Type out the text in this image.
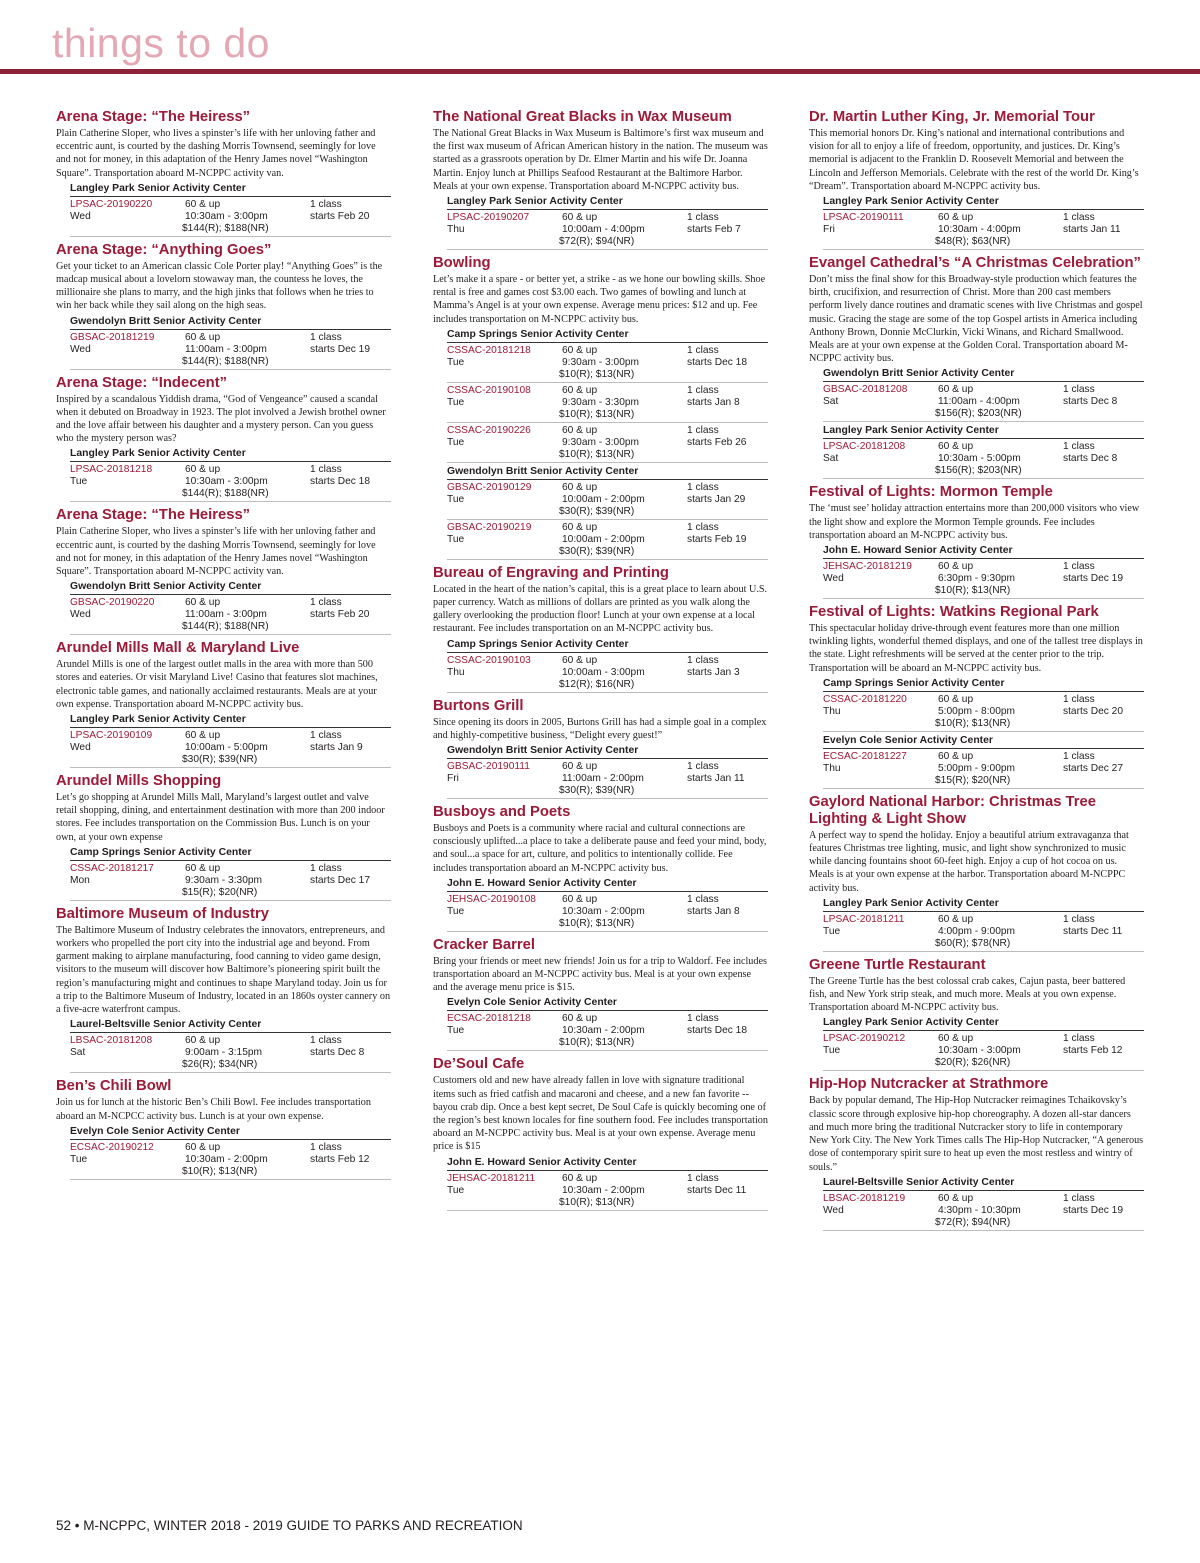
things to do
Arena Stage: “The Heiress”

Plain Catherine Sloper, who lives a spinster’s life with her unloving father and eccentric aunt, is courted by the dashing Morris Townsend, seemingly for love and not for money, in this adaptation of the Henry James novel “Washington Square”. Transportation aboard M-NCPPC activity van.

Langley Park Senior Activity Center
LPSAC-20190220
Wed
60 & up
10:30am - 3:00pm
$144(R); $188(NR)
1 class
starts Feb 20
Arena Stage: “Anything Goes”

Get your ticket to an American classic Cole Porter play! “Anything Goes” is the madcap musical about a lovelorn stowaway man, the countess he loves, the millionaire she plans to marry, and the high jinks that follows when he tries to win her back while they sail along on the high seas.

Gwendolyn Britt Senior Activity Center
GBSAC-20181219
Wed
60 & up
11:00am - 3:00pm
$144(R); $188(NR)
1 class
starts Dec 19
Arena Stage: “Indecent”

Inspired by a scandalous Yiddish drama, “God of Vengeance” caused a scandal when it debuted on Broadway in 1923. The plot involved a Jewish brothel owner and the love affair between his daughter and a mystery person. Can you guess who the mystery person was?

Langley Park Senior Activity Center
LPSAC-20181218
Tue
60 & up
10:30am - 3:00pm
$144(R); $188(NR)
1 class
starts Dec 18
Arena Stage: “The Heiress”

Plain Catherine Sloper, who lives a spinster’s life with her unloving father and eccentric aunt, is courted by the dashing Morris Townsend, seemingly for love and not for money, in this adaptation of the Henry James novel “Washington Square”. Transportation aboard M-NCPPC activity van.

Gwendolyn Britt Senior Activity Center
GBSAC-20190220
Wed
60 & up
11:00am - 3:00pm
$144(R); $188(NR)
1 class
starts Feb 20
Arundel Mills Mall & Maryland Live

Arundel Mills is one of the largest outlet malls in the area with more than 500 stores and eateries. Or visit Maryland Live! Casino that features slot machines, electronic table games, and nationally acclaimed restaurants. Meals are at your own expense. Transportation aboard M-NCPPC activity bus.

Langley Park Senior Activity Center
LPSAC-20190109
Wed
60 & up
10:00am - 5:00pm
$30(R); $39(NR)
1 class
starts Jan 9
Arundel Mills Shopping

Let’s go shopping at Arundel Mills Mall, Maryland’s largest outlet and valve retail shopping, dining, and entertainment destination with more than 200 indoor stores. Fee includes transportation on the Commission Bus. Lunch is on your own, at your own expense

Camp Springs Senior Activity Center
CSSAC-20181217
Mon
60 & up
9:30am - 3:30pm
$15(R); $20(NR)
1 class
starts Dec 17
Baltimore Museum of Industry

The Baltimore Museum of Industry celebrates the innovators, entrepreneurs, and workers who propelled the port city into the industrial age and beyond. From garment making to airplane manufacturing, food canning to video game design, visitors to the museum will discover how Baltimore’s pioneering spirit built the region’s manufacturing might and continues to shape Maryland today. Join us for a trip to the Baltimore Museum of Industry, located in an 1860s oyster cannery on a five-acre waterfront campus.

Laurel-Beltsville Senior Activity Center
LBSAC-20181208
Sat
60 & up
9:00am - 3:15pm
$26(R); $34(NR)
1 class
starts Dec 8
Ben’s Chili Bowl

Join us for lunch at the historic Ben’s Chili Bowl. Fee includes transportation aboard an M-NCPCC activity bus. Lunch is at your own expense.

Evelyn Cole Senior Activity Center
ECSAC-20190212
Tue
60 & up
10:30am - 2:00pm
$10(R); $13(NR)
1 class
starts Feb 12
The National Great Blacks in Wax Museum

The National Great Blacks in Wax Museum is Baltimore’s first wax museum and the first wax museum of African American history in the nation. The museum was started as a grassroots operation by Dr. Elmer Martin and his wife Dr. Joanna Martin. Enjoy lunch at Phillips Seafood Restaurant at the Baltimore Harbor. Meals at your own expense. Transportation aboard M-NCPPC activity bus.

Langley Park Senior Activity Center
LPSAC-20190207
Thu
60 & up
10:00am - 4:00pm
$72(R); $94(NR)
1 class
starts Feb 7
Bowling

Let’s make it a spare - or better yet, a strike - as we hone our bowling skills. Shoe rental is free and games cost $3.00 each. Two games of bowling and lunch at Mamma’s Angel is at your own expense. Average menu prices: $12 and up. Fee includes transportation on M-NCPPC activity bus.

Camp Springs Senior Activity Center
CSSAC-20181218
Tue
60 & up
9:30am - 3:00pm
$10(R); $13(NR)
1 class
starts Dec 18
CSSAC-20190108
Tue
60 & up
9:30am - 3:30pm
$10(R); $13(NR)
1 class
starts Jan 8
CSSAC-20190226
Tue
60 & up
9:30am - 3:00pm
$10(R); $13(NR)
1 class
starts Feb 26
Gwendolyn Britt Senior Activity Center
GBSAC-20190129
Tue
60 & up
10:00am - 2:00pm
$30(R); $39(NR)
1 class
starts Jan 29
GBSAC-20190219
Tue
60 & up
10:00am - 2:00pm
$30(R); $39(NR)
1 class
starts Feb 19
Bureau of Engraving and Printing

Located in the heart of the nation’s capital, this is a great place to learn about U.S. paper currency. Watch as millions of dollars are printed as you walk along the gallery overlooking the production floor! Lunch at your own expense at a local restaurant. Fee includes transportation on an M-NCPPC activity bus.

Camp Springs Senior Activity Center
CSSAC-20190103
Thu
60 & up
10:00am - 3:00pm
$12(R); $16(NR)
1 class
starts Jan 3
Burtons Grill

Since opening its doors in 2005, Burtons Grill has had a simple goal in a complex and highly-competitive business, “Delight every guest!”

Gwendolyn Britt Senior Activity Center
GBSAC-20190111
Fri
60 & up
11:00am - 2:00pm
$30(R); $39(NR)
1 class
starts Jan 11
Busboys and Poets

Busboys and Poets is a community where racial and cultural connections are consciously uplifted...a place to take a deliberate pause and feed your mind, body, and soul...a space for art, culture, and politics to intentionally collide. Fee includes transportation aboard an M-NCPPC activity bus.

John E. Howard Senior Activity Center
JEHSAC-20190108
Tue
60 & up
10:30am - 2:00pm
$10(R); $13(NR)
1 class
starts Jan 8
Cracker Barrel

Bring your friends or meet new friends! Join us for a trip to Waldorf. Fee includes transportation aboard an M-NCPPC activity bus. Meal is at your own expense and the average menu price is $15.

Evelyn Cole Senior Activity Center
ECSAC-20181218
Tue
60 & up
10:30am - 2:00pm
$10(R); $13(NR)
1 class
starts Dec 18
De’Soul Cafe

Customers old and new have already fallen in love with signature traditional items such as fried catfish and macaroni and cheese, and a new fan favorite -- bayou crab dip. Once a best kept secret, De Soul Cafe is quickly becoming one of the region’s best known locales for fine southern food. Fee includes transportation aboard an M-NCPPC activity bus. Meal is at your own expense. Average menu price is $15

John E. Howard Senior Activity Center
JEHSAC-20181211
Tue
60 & up
10:30am - 2:00pm
$10(R); $13(NR)
1 class
starts Dec 11
Dr. Martin Luther King, Jr. Memorial Tour

This memorial honors Dr. King’s national and international contributions and vision for all to enjoy a life of freedom, opportunity, and justices. Dr. King’s memorial is adjacent to the Franklin D. Roosevelt Memorial and between the Lincoln and Jefferson Memorials. Celebrate with the rest of the world Dr. King’s “Dream”. Transportation aboard M-NCPPC activity bus.

Langley Park Senior Activity Center
LPSAC-20190111
Fri
60 & up
10:30am - 4:00pm
$48(R); $63(NR)
1 class
starts Jan 11
Evangel Cathedral’s “A Christmas Celebration”

Don’t miss the final show for this Broadway-style production which features the birth, crucifixion, and resurrection of Christ. More than 200 cast members perform lively dance routines and dramatic scenes with live Christmas and gospel music. Gracing the stage are some of the top Gospel artists in America including Anthony Brown, Donnie McClurkin, Vicki Winans, and Richard Smallwood. Meals are at your own expense at the Golden Coral. Transportation aboard M-NCPPC activity bus.

Gwendolyn Britt Senior Activity Center
GBSAC-20181208
Sat
60 & up
11:00am - 4:00pm
$156(R); $203(NR)
1 class
starts Dec 8
Langley Park Senior Activity Center
LPSAC-20181208
Sat
60 & up
10:30am - 5:00pm
$156(R); $203(NR)
1 class
starts Dec 8
Festival of Lights: Mormon Temple

The ‘must see’ holiday attraction entertains more than 200,000 visitors who view the light show and explore the Mormon Temple grounds. Fee includes transportation aboard an M-NCPPC activity bus.

John E. Howard Senior Activity Center
JEHSAC-20181219
Wed
60 & up
6:30pm - 9:30pm
$10(R); $13(NR)
1 class
starts Dec 19
Festival of Lights: Watkins Regional Park

This spectacular holiday drive-through event features more than one million twinkling lights, wonderful themed displays, and one of the tallest tree displays in the state. Light refreshments will be served at the center prior to the trip. Transportation will be aboard an M-NCPPC activity bus.

Camp Springs Senior Activity Center
CSSAC-20181220
Thu
60 & up
5:00pm - 8:00pm
$10(R); $13(NR)
1 class
starts Dec 20
Evelyn Cole Senior Activity Center
ECSAC-20181227
Thu
60 & up
5:00pm - 9:00pm
$15(R); $20(NR)
1 class
starts Dec 27
Gaylord National Harbor: Christmas Tree Lighting & Light Show

A perfect way to spend the holiday. Enjoy a beautiful atrium extravaganza that features Christmas tree lighting, music, and light show synchronized to music while dancing fountains shoot 60-feet high. Enjoy a cup of hot cocoa on us. Meals is at your own expense at the harbor. Transportation aboard M-NCPPC activity bus.

Langley Park Senior Activity Center
LPSAC-20181211
Tue
60 & up
4:00pm - 9:00pm
$60(R); $78(NR)
1 class
starts Dec 11
Greene Turtle Restaurant

The Greene Turtle has the best colossal crab cakes, Cajun pasta, beer battered fish, and New York strip steak, and much more. Meals at you own expense. Transportation aboard M-NCPPC activity bus.

Langley Park Senior Activity Center
LPSAC-20190212
Tue
60 & up
10:30am - 3:00pm
$20(R); $26(NR)
1 class
starts Feb 12
Hip-Hop Nutcracker at Strathmore

Back by popular demand, The Hip-Hop Nutcracker reimagines Tchaikovsky’s classic score through explosive hip-hop choreography. A dozen all-star dancers and much more bring the traditional Nutcracker story to life in contemporary New York City. The New York Times calls The Hip-Hop Nutcracker, “A generous dose of contemporary spirit sure to heat up even the most restless and wintry of souls.”

Laurel-Beltsville Senior Activity Center
LBSAC-20181219
Wed
60 & up
4:30pm - 10:30pm
$72(R); $94(NR)
1 class
starts Dec 19
52 • M-NCPPC, WINTER 2018 - 2019 GUIDE TO PARKS AND RECREATION
